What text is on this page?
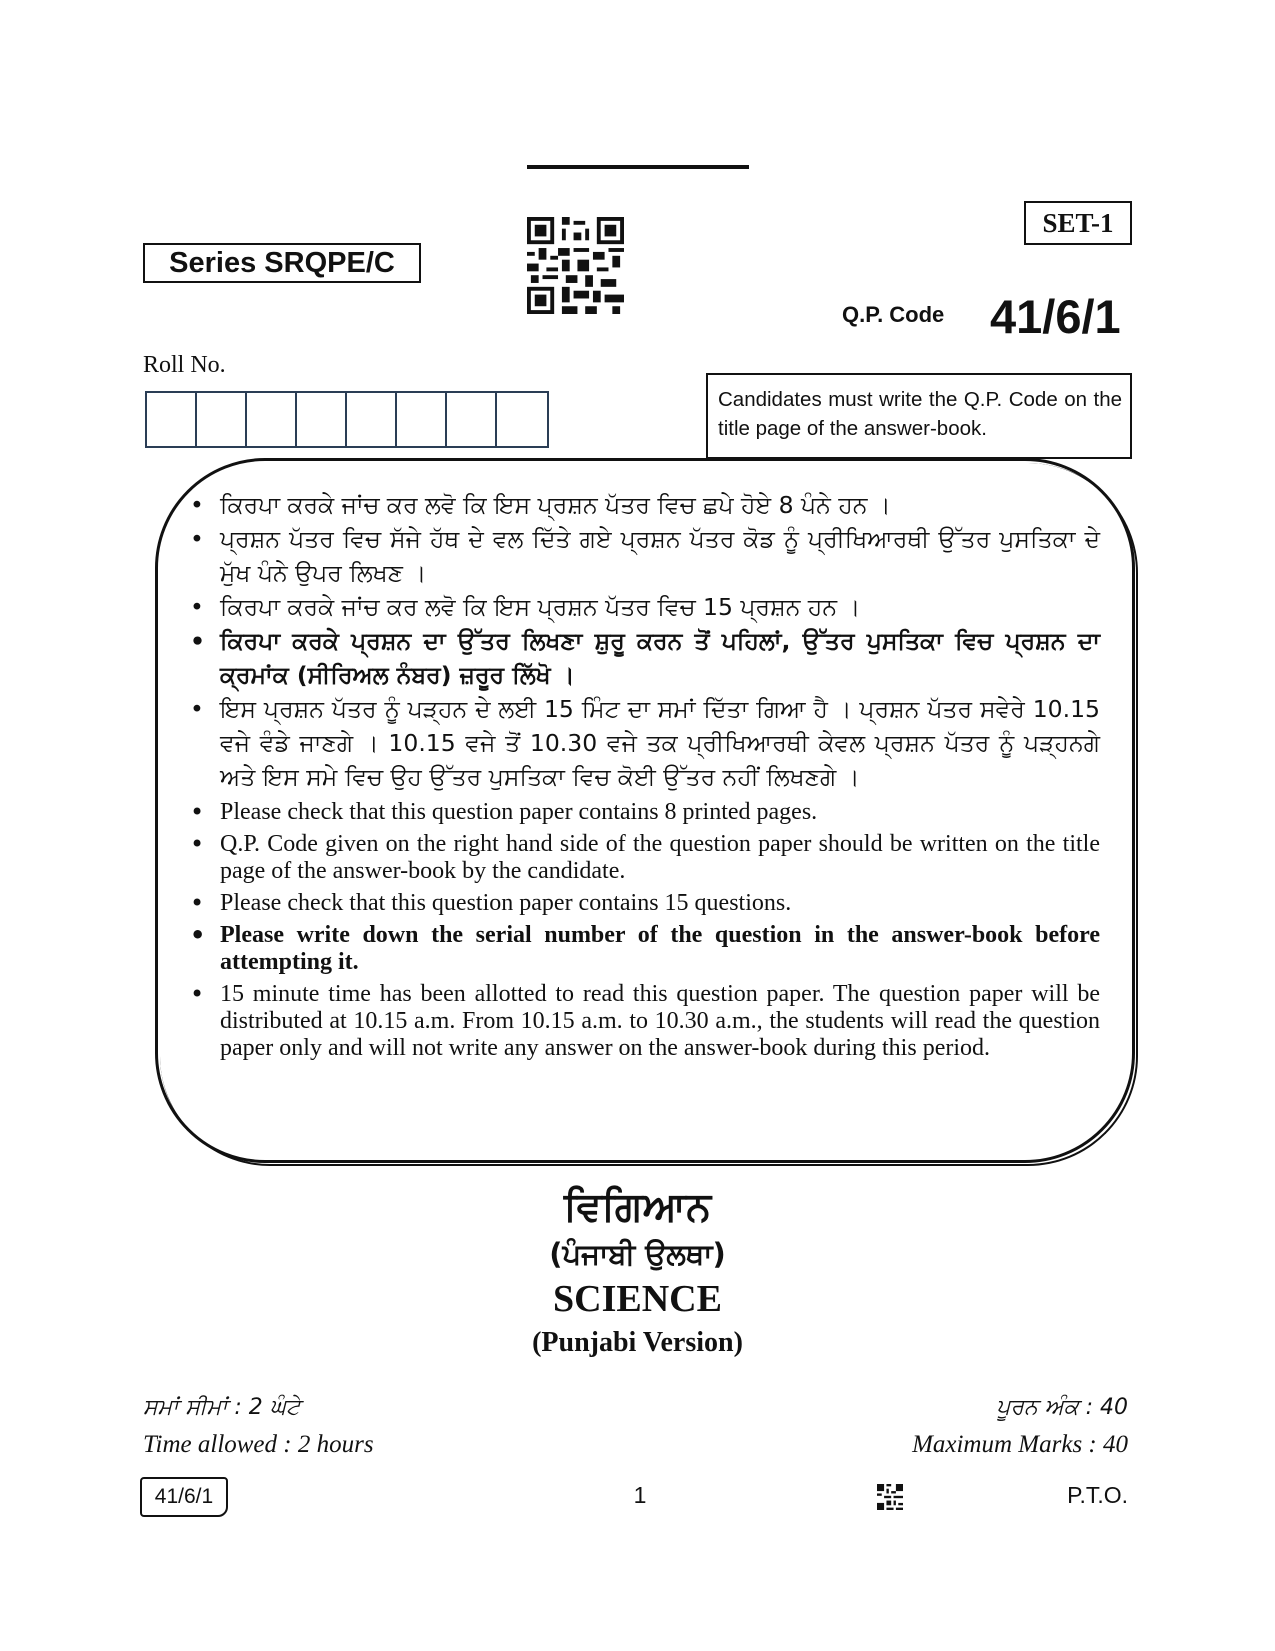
Series SRQPE/C
SET-1
Q.P. Code 41/6/1
Roll No.
Candidates must write the Q.P. Code on the title page of the answer-book.
• ਕਿਰਪਾ ਕਰਕੇ ਜਾਂਚ ਕਰ ਲਵੋ ਕਿ ਇਸ ਪ੍ਰਸ਼ਨ ਪੱਤਰ ਵਿਚ ਛਪੇ ਹੋਏ 8 ਪੰਨੇ ਹਨ ।
• ਪ੍ਰਸ਼ਨ ਪੱਤਰ ਵਿਚ ਸੱਜੇ ਹੱਥ ਦੇ ਵਲ ਦਿੱਤੇ ਗਏ ਪ੍ਰਸ਼ਨ ਪੱਤਰ ਕੋਡ ਨੂੰ ਪ੍ਰੀਖਿਆਰਥੀ ਉੱਤਰ ਪੁਸਤਿਕਾ ਦੇ ਮੁੱਖ ਪੰਨੇ ਉਪਰ ਲਿਖਣ ।
• ਕਿਰਪਾ ਕਰਕੇ ਜਾਂਚ ਕਰ ਲਵੋ ਕਿ ਇਸ ਪ੍ਰਸ਼ਨ ਪੱਤਰ ਵਿਚ 15 ਪ੍ਰਸ਼ਨ ਹਨ ।
• ਕਿਰਪਾ ਕਰਕੇ ਪ੍ਰਸ਼ਨ ਦਾ ਉੱਤਰ ਲਿਖਣਾ ਸ਼ੁਰੂ ਕਰਨ ਤੋਂ ਪਹਿਲਾਂ, ਉੱਤਰ ਪੁਸਤਿਕਾ ਵਿਚ ਪ੍ਰਸ਼ਨ ਦਾ ਕ੍ਰਮਾਂਕ (ਸੀਰਿਅਲ ਨੰਬਰ) ਜ਼ਰੂਰ ਲਿੱਖੋ ।
• ਇਸ ਪ੍ਰਸ਼ਨ ਪੱਤਰ ਨੂੰ ਪੜ੍ਹਨ ਦੇ ਲਈ 15 ਮਿੰਟ ਦਾ ਸਮਾਂ ਦਿੱਤਾ ਗਿਆ ਹੈ । ਪ੍ਰਸ਼ਨ ਪੱਤਰ ਸਵੇਰੇ 10.15 ਵਜੇ ਵੰਡੇ ਜਾਣਗੇ । 10.15 ਵਜੇ ਤੋਂ 10.30 ਵਜੇ ਤਕ ਪ੍ਰੀਖਿਆਰਥੀ ਕੇਵਲ ਪ੍ਰਸ਼ਨ ਪੱਤਰ ਨੂੰ ਪੜ੍ਹਨਗੇ ਅਤੇ ਇਸ ਸਮੇ ਵਿਚ ਉਹ ਉੱਤਰ ਪੁਸਤਿਕਾ ਵਿਚ ਕੋਈ ਉੱਤਰ ਨਹੀਂ ਲਿਖਣਗੇ ।
• Please check that this question paper contains 8 printed pages.
• Q.P. Code given on the right hand side of the question paper should be written on the title page of the answer-book by the candidate.
• Please check that this question paper contains 15 questions.
• Please write down the serial number of the question in the answer-book before attempting it.
• 15 minute time has been allotted to read this question paper. The question paper will be distributed at 10.15 a.m. From 10.15 a.m. to 10.30 a.m., the students will read the question paper only and will not write any answer on the answer-book during this period.
ਵਿਗਿਆਨ
(ਪੰਜਾਬੀ ਉਲਥਾ)
SCIENCE
(Punjabi Version)
ਸਮਾਂ ਸੀਮਾਂ : 2 ਘੰਟੇ
Time allowed : 2 hours
ਪੂਰਨ ਅੰਕ : 40
Maximum Marks : 40
41/6/1	1	P.T.O.
